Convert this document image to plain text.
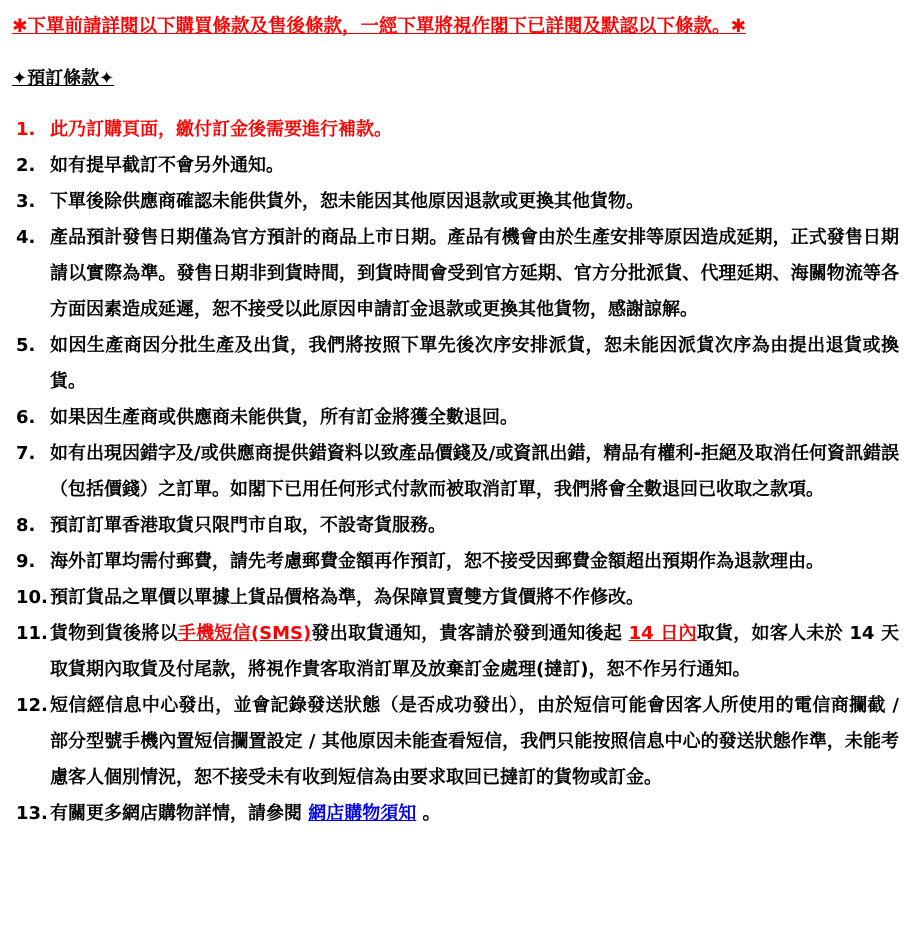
✱下單前請詳閱以下購買條款及售後條款，一經下單將視作閣下已詳閱及默認以下條款。✱
✦預訂條款✦
1. 此乃訂購頁面，繳付訂金後需要進行補款。
2. 如有提早截訂不會另外通知。
3. 下單後除供應商確認未能供貨外，恕未能因其他原因退款或更換其他貨物。
4. 產品預計發售日期僅為官方預計的商品上市日期。產品有機會由於生產安排等原因造成延期，正式發售日期請以實際為準。發售日期非到貨時間，到貨時間會受到官方延期、官方分批派貨、代理延期、海關物流等各方面因素造成延遲，恕不接受以此原因申請訂金退款或更換其他貨物，感謝諒解。
5. 如因生產商因分批生產及出貨，我們將按照下單先後次序安排派貨，恕未能因派貨次序為由提出退貨或換貨。
6. 如果因生產商或供應商未能供貨，所有訂金將獲全數退回。
7. 如有出現因錯字及/或供應商提供錯資料以致產品價錢及/或資訊出錯，精品有權利-拒絕及取消任何資訊錯誤（包括價錢）之訂單。如閣下已用任何形式付款而被取消訂單，我們將會全數退回已收取之款項。
8. 預訂訂單香港取貨只限門市自取，不設寄貨服務。
9. 海外訂單均需付郵費，請先考慮郵費金額再作預訂，恕不接受因郵費金額超出預期作為退款理由。
10. 預訂貨品之單價以單據上貨品價格為準，為保障買賣雙方貨價將不作修改。
11. 貨物到貨後將以手機短信(SMS)發出取貨通知，貴客請於發到通知後起 14 日內取貨，如客人未於 14 天取貨期內取貨及付尾款，將視作貴客取消訂單及放棄訂金處理(撻訂)，恕不作另行通知。
12. 短信經信息中心發出，並會記錄發送狀態（是否成功發出），由於短信可能會因客人所使用的電信商攔截 / 部分型號手機內置短信攔置設定 / 其他原因未能查看短信，我們只能按照信息中心的發送狀態作準，未能考慮客人個別情況，恕不接受未有收到短信為由要求取回已撻訂的貨物或訂金。
13. 有關更多網店購物詳情，請參閱 網店購物須知 。
